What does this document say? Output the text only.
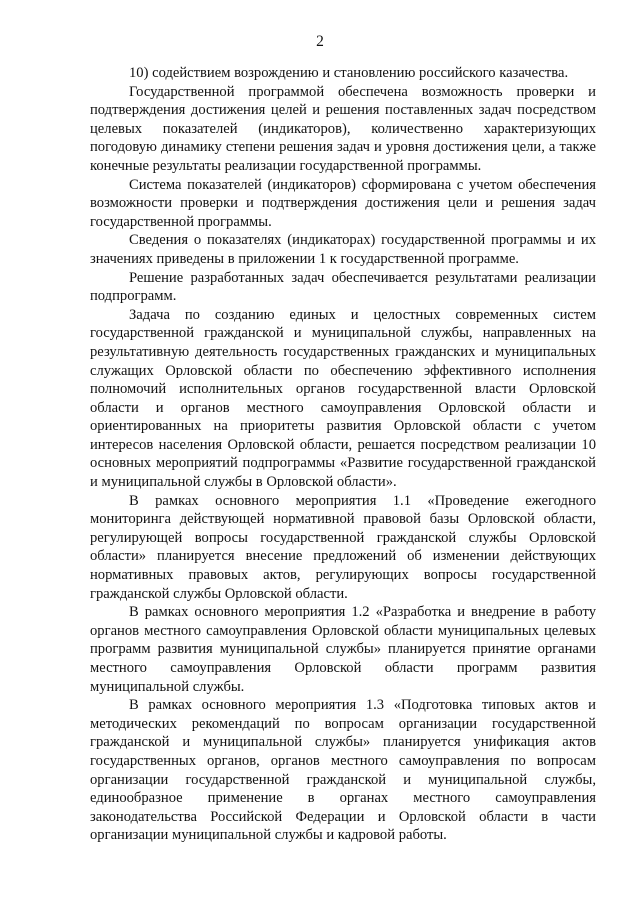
2

10) содействием возрождению и становлению российского казачества.

Государственной программой обеспечена возможность проверки и подтверждения достижения целей и решения поставленных задач посредством целевых показателей (индикаторов), количественно характеризующих погодовую динамику степени решения задач и уровня достижения цели, а также конечные результаты реализации государственной программы.

Система показателей (индикаторов) сформирована с учетом обеспечения возможности проверки и подтверждения достижения цели и решения задач государственной программы.

Сведения о показателях (индикаторах) государственной программы и их значениях приведены в приложении 1 к государственной программе.

Решение разработанных задач обеспечивается результатами реализации подпрограмм.

Задача по созданию единых и целостных современных систем государственной гражданской и муниципальной службы, направленных на результативную деятельность государственных гражданских и муниципальных служащих Орловской области по обеспечению эффективного исполнения полномочий исполнительных органов государственной власти Орловской области и органов местного самоуправления Орловской области и ориентированных на приоритеты развития Орловской области с учетом интересов населения Орловской области, решается посредством реализации 10 основных мероприятий подпрограммы «Развитие государственной гражданской и муниципальной службы в Орловской области».

В рамках основного мероприятия 1.1 «Проведение ежегодного мониторинга действующей нормативной правовой базы Орловской области, регулирующей вопросы государственной гражданской службы Орловской области» планируется внесение предложений об изменении действующих нормативных правовых актов, регулирующих вопросы государственной гражданской службы Орловской области.

В рамках основного мероприятия 1.2 «Разработка и внедрение в работу органов местного самоуправления Орловской области муниципальных целевых программ развития муниципальной службы» планируется принятие органами местного самоуправления Орловской области программ развития муниципальной службы.

В рамках основного мероприятия 1.3 «Подготовка типовых актов и методических рекомендаций по вопросам организации государственной гражданской и муниципальной службы» планируется унификация актов государственных органов, органов местного самоуправления по вопросам организации государственной гражданской и муниципальной службы, единообразное применение в органах местного самоуправления законодательства Российской Федерации и Орловской области в части организации муниципальной службы и кадровой работы.
